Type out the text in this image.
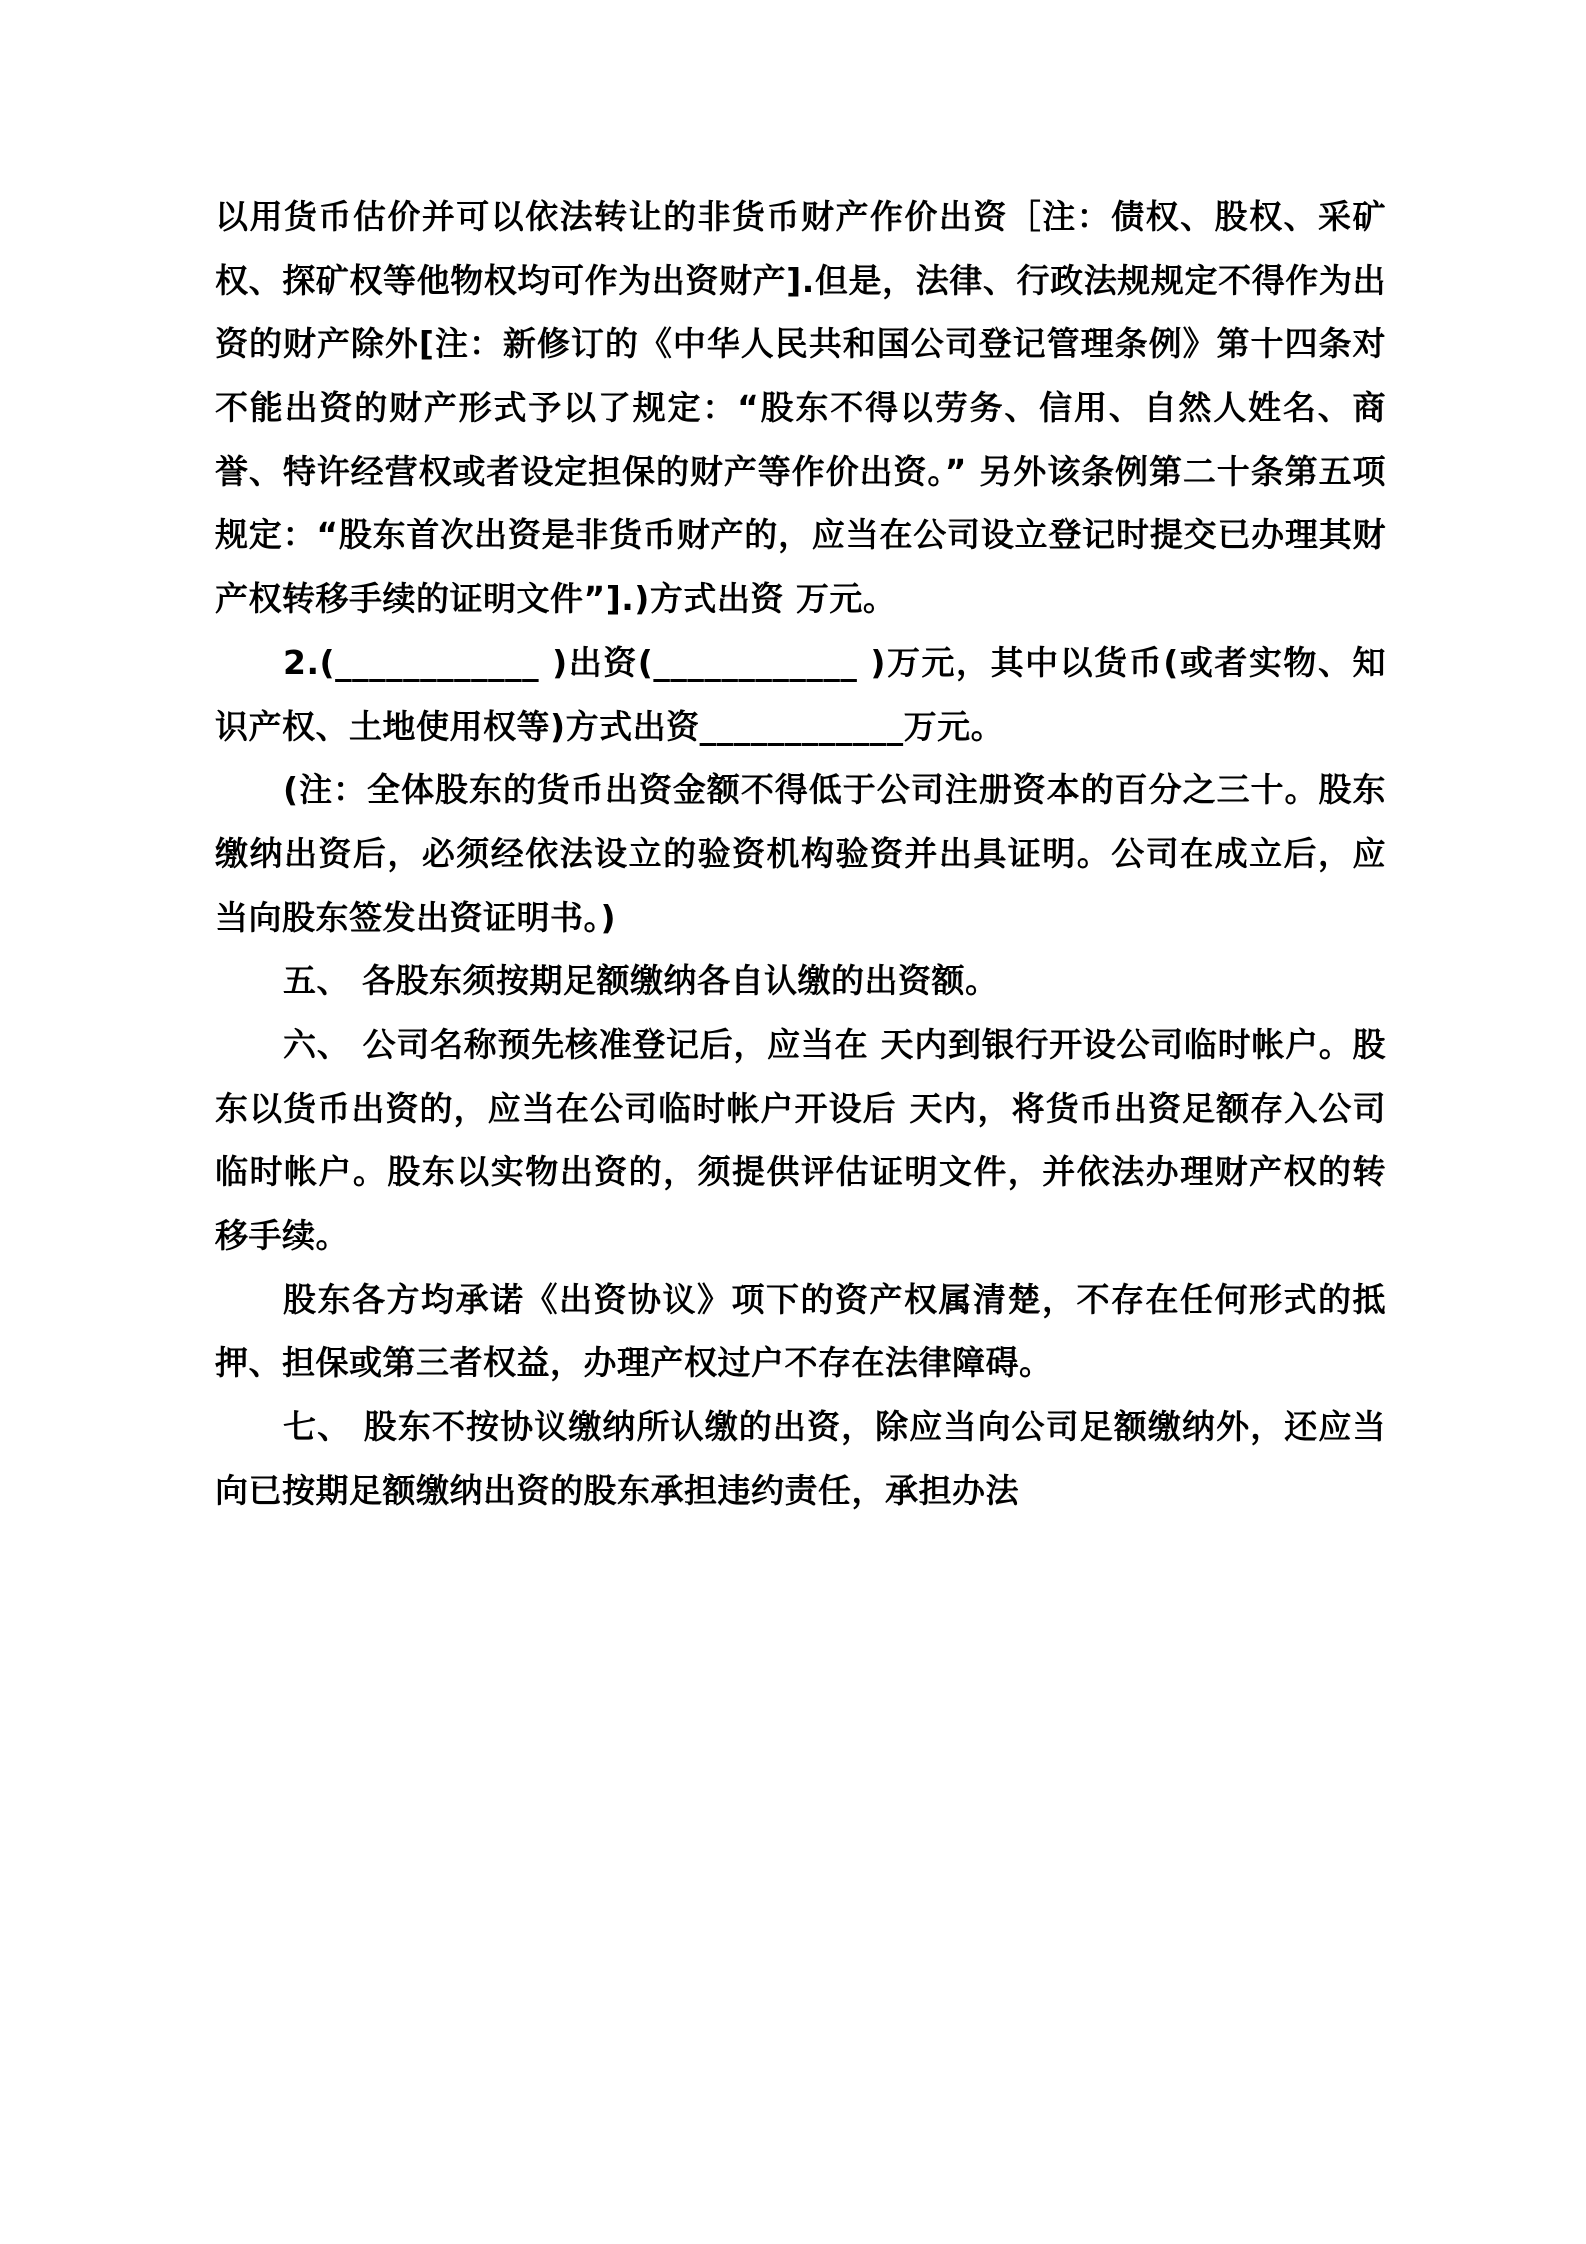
以用货币估价并可以依法转让的非货币财产作价出资［注：债权、股权、采矿权、探矿权等他物权均可作为出资财产].但是，法律、行政法规规定不得作为出资的财产除外[注：新修订的《中华人民共和国公司登记管理条例》第十四条对不能出资的财产形式予以了规定：“股东不得以劳务、信用、自然人姓名、商誉、特许经营权或者设定担保的财产等作价出资。” 另外该条例第二十条第五项规定：“股东首次出资是非货币财产的，应当在公司设立登记时提交已办理其财产权转移手续的证明文件”].)方式出资 万元。

2.(____________ )出资(____________ )万元，其中以货币(或者实物、知识产权、土地使用权等)方式出资____________万元。

(注：全体股东的货币出资金额不得低于公司注册资本的百分之三十。股东缴纳出资后，必须经依法设立的验资机构验资并出具证明。公司在成立后，应当向股东签发出资证明书。)

五、 各股东须按期足额缴纳各自认缴的出资额。

六、 公司名称预先核准登记后，应当在 天内到银行开设公司临时帐户。股东以货币出资的，应当在公司临时帐户开设后 天内，将货币出资足额存入公司临时帐户。股东以实物出资的，须提供评估证明文件，并依法办理财产权的转移手续。

股东各方均承诺《出资协议》项下的资产权属清楚，不存在任何形式的抵押、担保或第三者权益，办理产权过户不存在法律障碍。

七、 股东不按协议缴纳所认缴的出资，除应当向公司足额缴纳外，还应当向已按期足额缴纳出资的股东承担违约责任，承担办法
